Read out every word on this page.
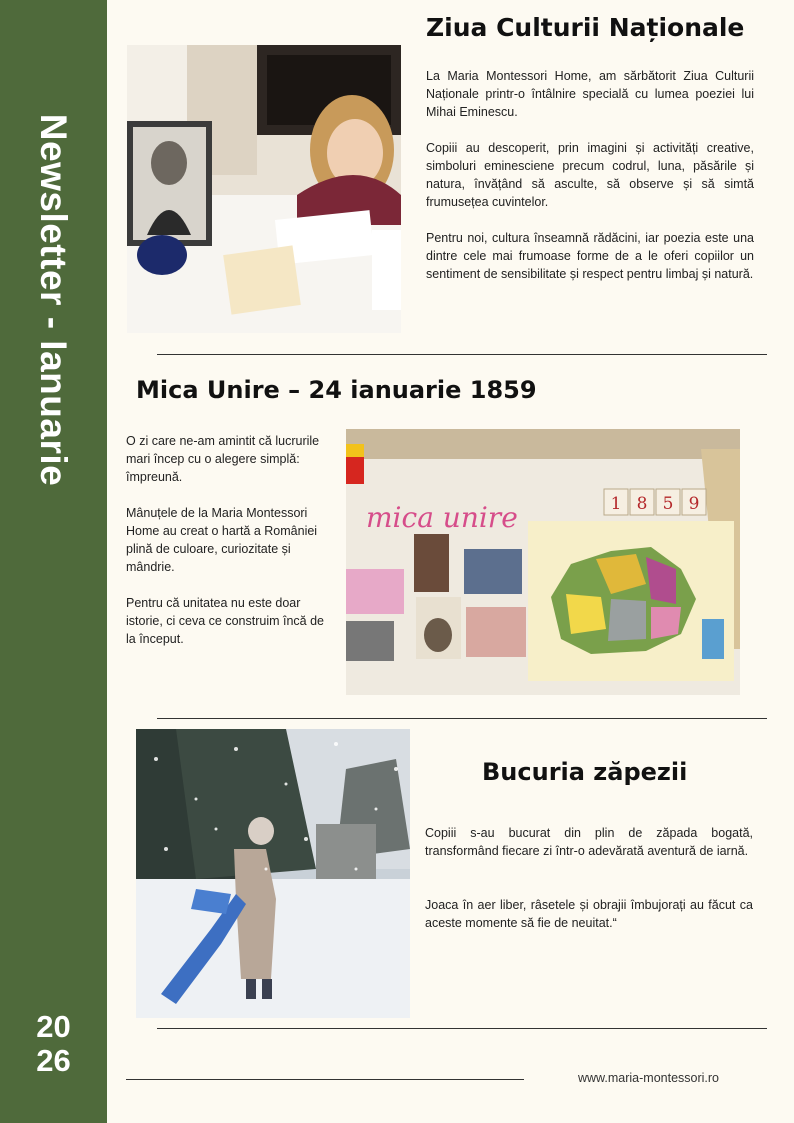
Newsletter - Ianuarie
20
26
Ziua Culturii Naționale

La Maria Montessori Home, am sărbătorit Ziua Culturii Naționale printr-o întâlnire specială cu lumea poeziei lui Mihai Eminescu.

Copiii au descoperit, prin imagini și activități creative, simboluri eminesciene precum codrul, luna, păsările și natura, învățând să asculte, să observe și să simtă frumusețea cuvintelor.

Pentru noi, cultura înseamnă rădăcini, iar poezia este una dintre cele mai frumoase forme de a le oferi copiilor un sentiment de sensibilitate și respect pentru limbaj și natură.

Mica Unire – 24 ianuarie 1859

O zi care ne-am amintit că lucrurile mari încep cu o alegere simplă: împreună.

Mânuțele de la Maria Montessori Home au creat o hartă a României plină de culoare, curiozitate și mândrie.

Pentru că unitatea nu este doar istorie, ci ceva ce construim încă de la început.

mica unire	1 8 5 9
Bucuria zăpezii

Copiii s-au bucurat din plin de zăpada bogată, transformând fiecare zi într-o adevărată aventură de iarnă.

Joaca în aer liber, râsetele și obrajii îmbujorați au făcut ca aceste momente să fie de neuitat.“

www.maria-montessori.ro
